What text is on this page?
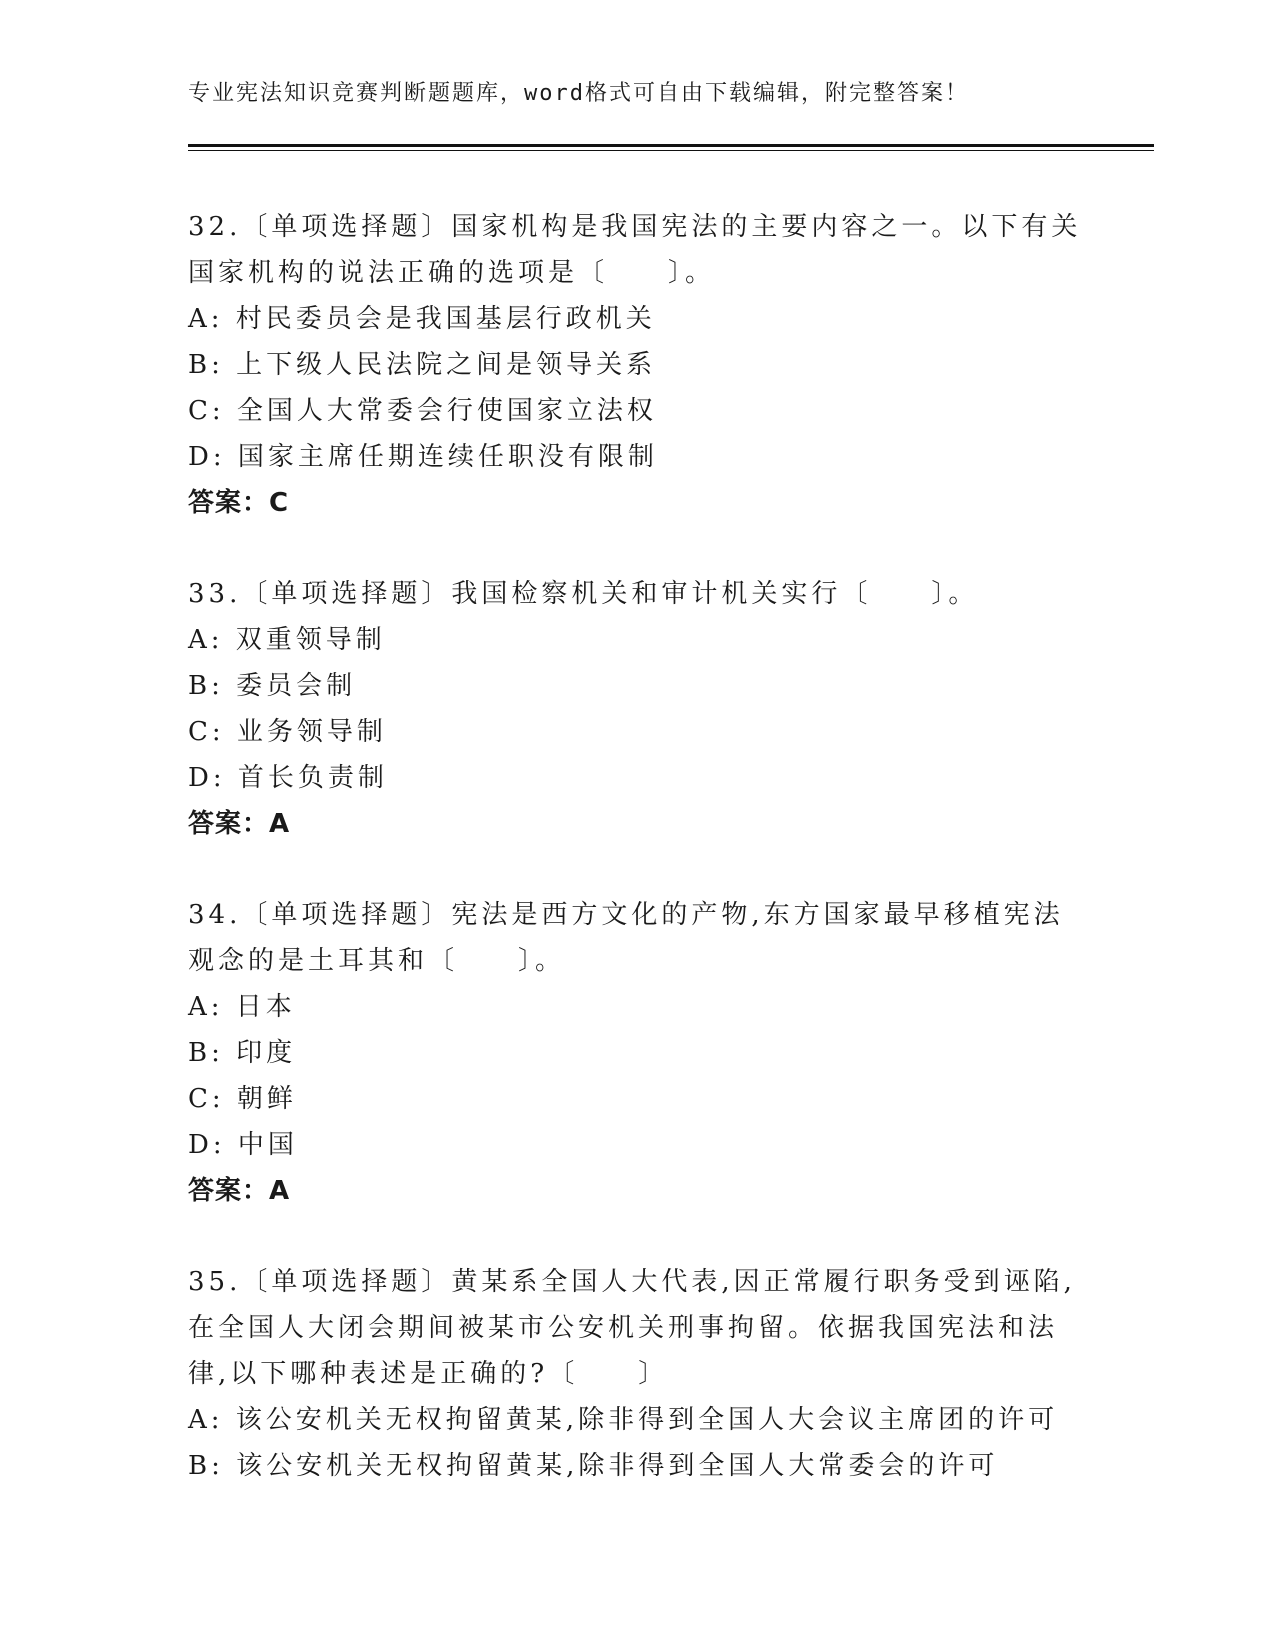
专业宪法知识竞赛判断题题库，word格式可自由下载编辑，附完整答案！

32.〔单项选择题〕国家机构是我国宪法的主要内容之一。以下有关国家机构的说法正确的选项是〔　　〕。

A: 村民委员会是我国基层行政机关

B: 上下级人民法院之间是领导关系

C: 全国人大常委会行使国家立法权

D: 国家主席任期连续任职没有限制

答案：C

33.〔单项选择题〕我国检察机关和审计机关实行〔　　〕。

A: 双重领导制

B: 委员会制

C: 业务领导制

D: 首长负责制

答案：A

34.〔单项选择题〕宪法是西方文化的产物,东方国家最早移植宪法观念的是土耳其和〔　　〕。

A: 日本

B: 印度

C: 朝鲜

D: 中国

答案：A

35.〔单项选择题〕黄某系全国人大代表,因正常履行职务受到诬陷,在全国人大闭会期间被某市公安机关刑事拘留。依据我国宪法和法律,以下哪种表述是正确的?〔　　〕

A: 该公安机关无权拘留黄某,除非得到全国人大会议主席团的许可

B: 该公安机关无权拘留黄某,除非得到全国人大常委会的许可
